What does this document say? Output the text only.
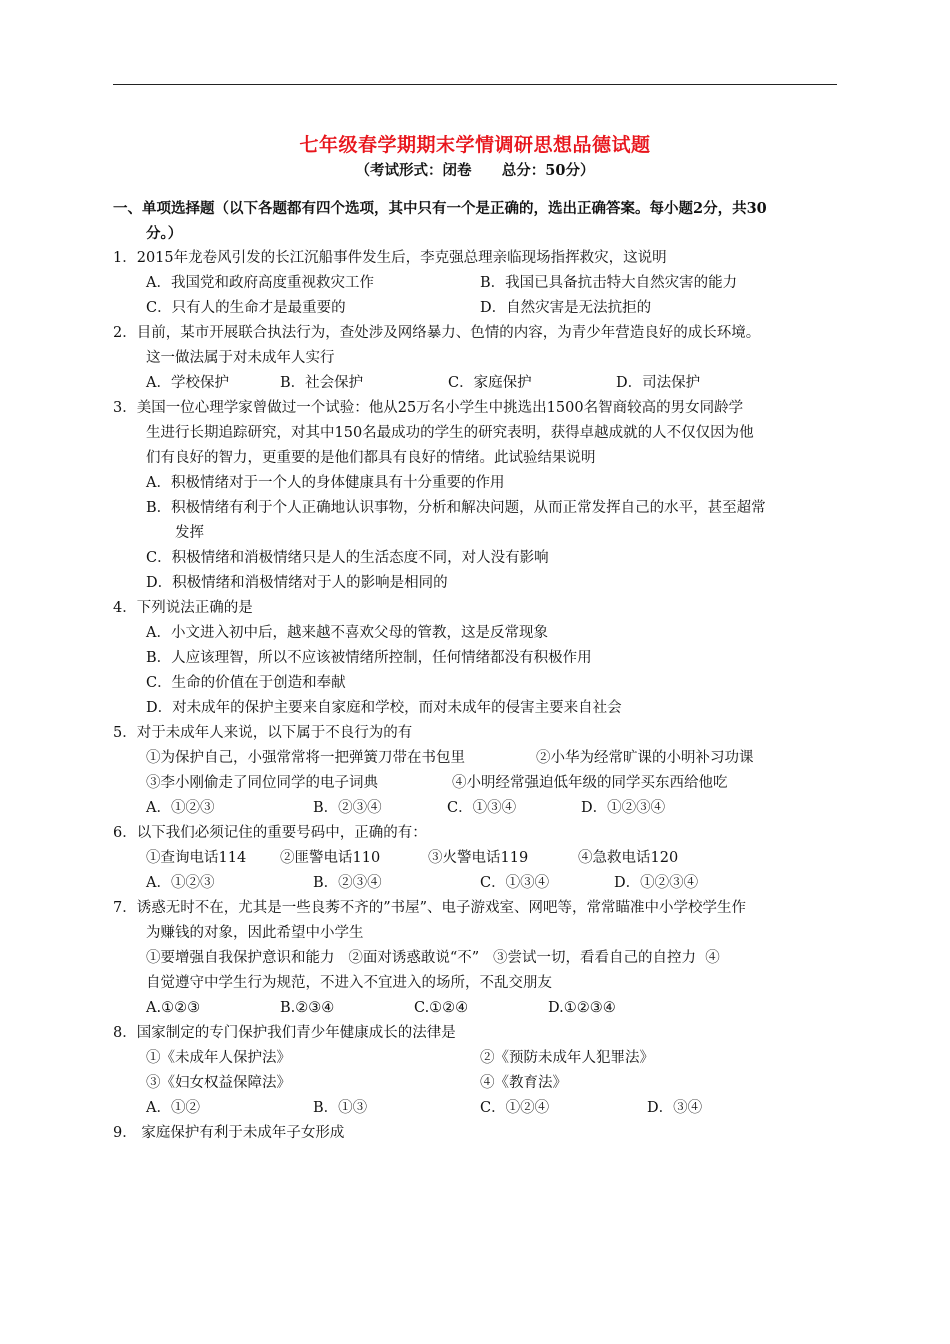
七年级春学期期末学情调研思想品德试题
（考试形式：闭卷      总分：50分）
一、单项选择题（以下各题都有四个选项，其中只有一个是正确的，选出正确答案。每小题2分，共30
分。）
1．2015年龙卷风引发的长江沉船事件发生后，李克强总理亲临现场指挥救灾，这说明
A．我国党和政府高度重视救灾工作	B．我国已具备抗击特大自然灾害的能力
C．只有人的生命才是最重要的	D．自然灾害是无法抗拒的
2．目前，某市开展联合执法行为，查处涉及网络暴力、色情的内容，为青少年营造良好的成长环境。
这一做法属于对未成年人实行
A．学校保护	B．社会保护	C．家庭保护	D．司法保护
3．美国一位心理学家曾做过一个试验：他从25万名小学生中挑选出1500名智商较高的男女同龄学
生进行长期追踪研究，对其中150名最成功的学生的研究表明，获得卓越成就的人不仅仅因为他
们有良好的智力，更重要的是他们都具有良好的情绪。此试验结果说明
A．积极情绪对于一个人的身体健康具有十分重要的作用
B．积极情绪有利于个人正确地认识事物，分析和解决问题，从而正常发挥自己的水平，甚至超常
发挥
C．积极情绪和消极情绪只是人的生活态度不同，对人没有影响
D．积极情绪和消极情绪对于人的影响是相同的
4．下列说法正确的是
A．小文进入初中后，越来越不喜欢父母的管教，这是反常现象
B．人应该理智，所以不应该被情绪所控制，任何情绪都没有积极作用
C．生命的价值在于创造和奉献
D．对未成年的保护主要来自家庭和学校，而对未成年的侵害主要来自社会
5．对于未成年人来说，以下属于不良行为的有
①为保护自己，小强常常将一把弹簧刀带在书包里	②小华为经常旷课的小明补习功课
③李小刚偷走了同位同学的电子词典	④小明经常强迫低年级的同学买东西给他吃
A．①②③	B．②③④	C．①③④	D．①②③④
6．以下我们必须记住的重要号码中，正确的有：
①查询电话114	②匪警电话110	③火警电话119	④急救电话120
A．①②③	B．②③④	C．①③④	D．①②③④
7．诱惑无时不在，尤其是一些良莠不齐的”书屋”、电子游戏室、网吧等，常常瞄准中小学校学生作
为赚钱的对象，因此希望中小学生
①要增强自我保护意识和能力   ②面对诱惑敢说“不”   ③尝试一切，看看自己的自控力  ④
自觉遵守中学生行为规范，不进入不宜进入的场所，不乱交朋友
A.①②③	B.②③④	C.①②④	D.①②③④
8．国家制定的专门保护我们青少年健康成长的法律是
①《未成年人保护法》	②《预防未成年人犯罪法》
③《妇女权益保障法》	④《教育法》
A．①②	B．①③	C．①②④	D．③④
9． 家庭保护有利于未成年子女形成
